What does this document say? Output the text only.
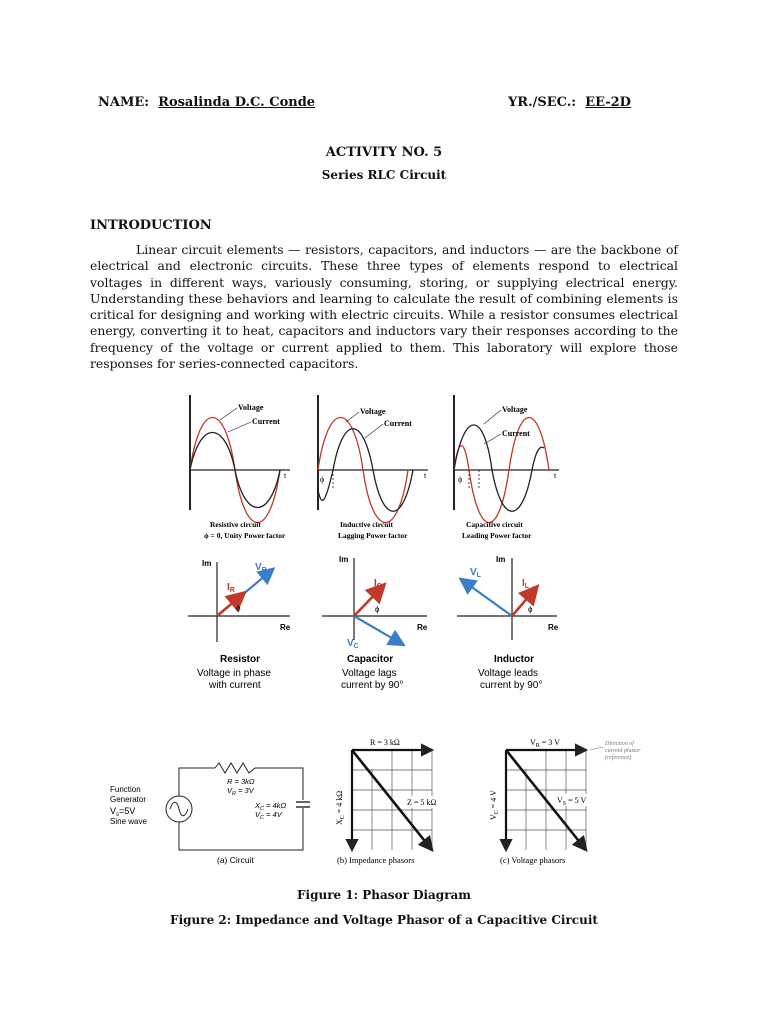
NAME: Rosalinda D.C. Conde	YR./SEC.: EE-2D
ACTIVITY NO. 5
Series RLC Circuit
INTRODUCTION
Linear circuit elements — resistors, capacitors, and inductors — are the backbone of electrical and electronic circuits. These three types of elements respond to electrical voltages in different ways, variously consuming, storing, or supplying electrical energy. Understanding these behaviors and learning to calculate the result of combining elements is critical for designing and working with electric circuits. While a resistor consumes electrical energy, converting it to heat, capacitors and inductors vary their responses according to the frequency of the voltage or current applied to them. This laboratory will explore those responses for series-connected capacitors.
Voltage
Current
t
Resistive circuit
ϕ = 0, Unity Power factor
ϕ
Voltage
Current
t
Inductive circuit
Lagging Power factor
ϕ
Voltage
Current
t
Capacitive circuit
Leading Power factor
Im
Re
$V_R$
$I_R$
ϕ
Resistor
Voltage in phase
with current
Im
Re
$V_C$
$I_C$
ϕ
Capacitor
Voltage lags
current by 90°
Im
Re
$V_L$
$I_L$
ϕ
Inductor
Voltage leads
current by 90°
Function
Generator
$V_s=5V$
Sine wave
R = 3kΩ
$V_R = 3V$
$X_C = 4k\Omega$
$V_C = 4V$
(a) Circuit
R = 3 kΩ
$X_C = 4$ kΩ	Z = 5 kΩ
(b) Impedance phasors
$V_R = 3$ V
$V_C = 4$ V	$V_S = 5$ V
Direction of
current phasor
(reference)
(c) Voltage phasors
Figure 1: Phasor Diagram
Figure 2: Impedance and Voltage Phasor of a Capacitive Circuit
